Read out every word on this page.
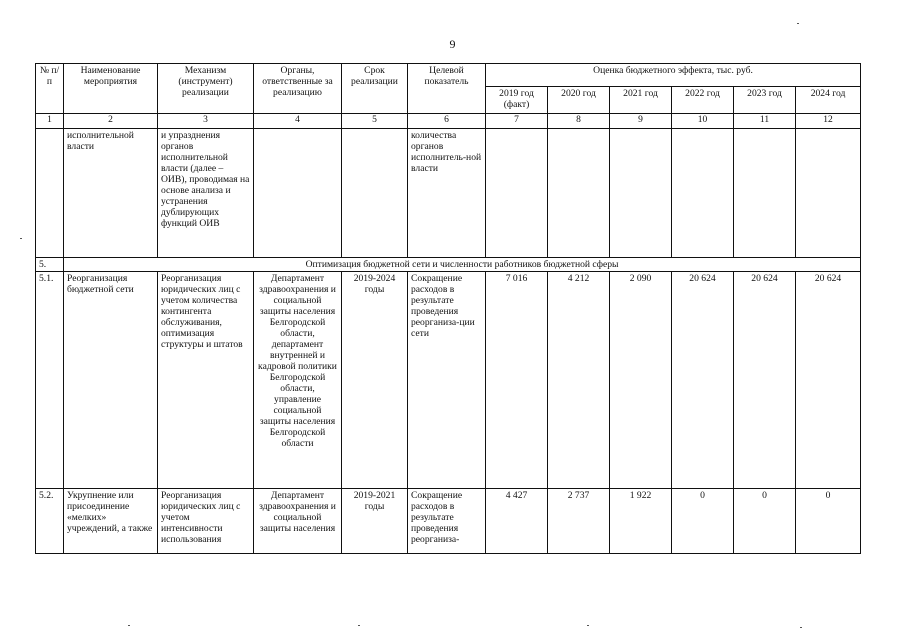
9
№ п/п	Наименование мероприятия	Механизм (инструмент) реализации	Органы, ответственные за реализацию	Срок реализации	Целевой показатель	Оценка бюджетного эффекта, тыс. руб.					
						2019 год (факт)	2020 год	2021 год	2022 год	2023 год	2024 год
1	2	3	4	5	6	7	8	9	10	11	12
	исполнительной власти	и упразднения органов исполнительной власти (далее – ОИВ), проводимая на основе анализа и устранения дублирующих функций ОИВ			количества органов исполнитель-ной власти						
5.	Оптимизация бюджетной сети и численности работников бюджетной сферы										
5.1.	Реорганизация бюджетной сети	Реорганизация юридических лиц с учетом количества контингента обслуживания, оптимизация структуры и штатов	Департамент здравоохранения и социальной защиты населения Белгородской области, департамент внутренней и кадровой политики Белгородской области, управление социальной защиты населения Белгородской области	2019-2024 годы	Сокращение расходов в результате проведения реорганиза-ции сети	7 016	4 212	2 090	20 624	20 624	20 624
5.2.	Укрупнение или присоединение «мелких» учреждений, а также	Реорганизация юридических лиц с учетом интенсивности использования	Департамент здравоохранения и социальной защиты населения	2019-2021 годы	Сокращение расходов в результате проведения реорганиза-	4 427	2 737	1 922	0	0	0
